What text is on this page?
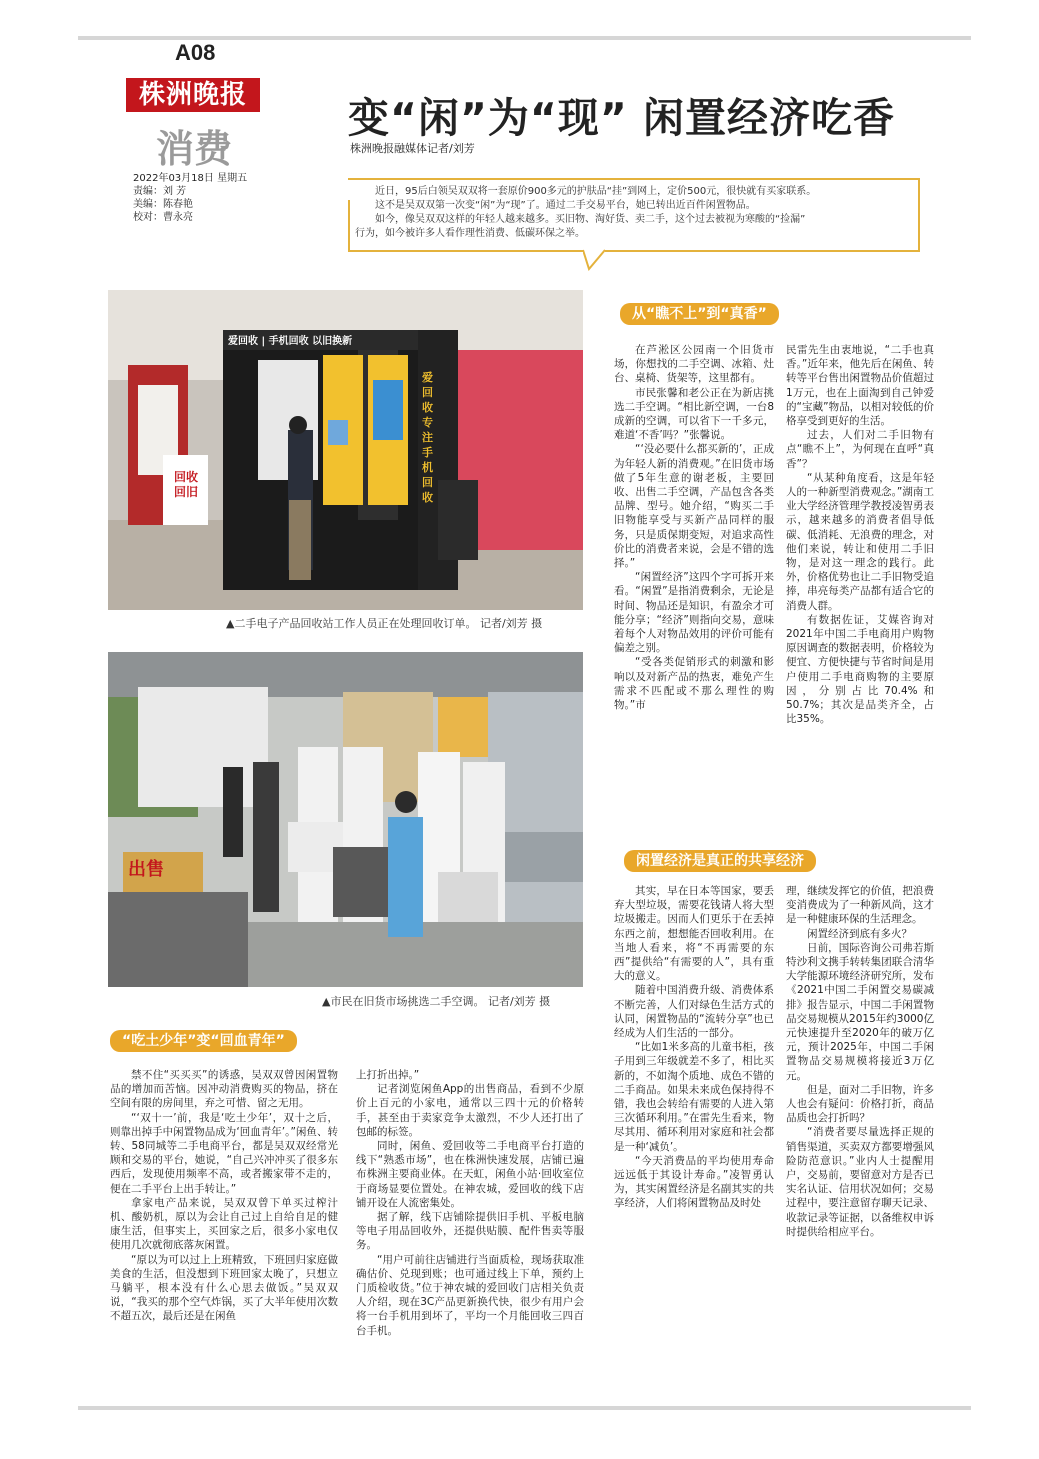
A08
株洲晚报
消费
2022年03月18日 星期五
责编：刘 芳
美编：陈春艳
校对：曹永亮
变“闲”为“现” 闲置经济吃香
株洲晚报融媒体记者/刘芳

近日，95后白领吴双双将一套原价900多元的护肤品“挂”到网上，定价500元，很快就有买家联系。

这不是吴双双第一次变“闲”为“现”了。通过二手交易平台，她已转出近百件闲置物品。

如今，像吴双双这样的年轻人越来越多。买旧物、淘好货、卖二手，这个过去被视为寒酸的“捡漏”

行为，如今被许多人看作理性消费、低碳环保之举。

爱回收 | 手机回收 以旧换新
爱回收 专注手机回收
回收 回旧
▲二手电子产品回收站工作人员正在处理回收订单。 记者/刘芳 摄
出售
▲市民在旧货市场挑选二手空调。 记者/刘芳 摄
从“瞧不上”到“真香”

在芦淞区公园南一个旧货市场，你想找的二手空调、冰箱、灶台、桌椅、货架等，这里都有。

市民张馨和老公正在为新店挑选二手空调。“相比新空调，一台8成新的空调，可以省下一千多元，难道‘不香’吗？”张馨说。

“‘没必要什么都买新的’，正成为年轻人新的消费观。”在旧货市场做了5年生意的谢老板，主要回收、出售二手空调，产品包含各类品牌、型号。她介绍，“购买二手旧物能享受与买新产品同样的服务，只是质保期变短，对追求高性价比的消费者来说，会是不错的选择。”

“闲置经济”这四个字可拆开来看。“闲置”是指消费剩余，无论是时间、物品还是知识，有盈余才可能分享；“经济”则指向交易，意味着每个人对物品效用的评价可能有偏差之别。

“受各类促销形式的刺激和影响以及对新产品的热衷，难免产生需求不匹配或不那么理性的购物。”市

民雷先生由衷地说，“二手也真香。”近年来，他先后在闲鱼、转转等平台售出闲置物品价值超过1万元，也在上面淘到自己钟爱的“宝藏”物品，以相对较低的价格享受到更好的生活。

过去，人们对二手旧物有点“瞧不上”，为何现在直呼“真香”？

“从某种角度看，这是年轻人的一种新型消费观念。”湖南工业大学经济管理学教授凌智勇表示，越来越多的消费者倡导低碳、低消耗、无浪费的理念，对他们来说，转让和使用二手旧物，是对这一理念的践行。此外，价格优势也让二手旧物受追捧，串亮每类产品都有适合它的消费人群。

有数据佐证，艾媒咨询对2021年中国二手电商用户购物原因调查的数据表明，价格较为便宜、方便快捷与节省时间是用户使用二手电商购物的主要原因，分别占比70.4%和50.7%；其次是品类齐全，占比35%。

闲置经济是真正的共享经济

其实，早在日本等国家，要丢弃大型垃圾，需要花钱请人将大型垃圾搬走。因而人们更乐于在丢掉东西之前，想想能否回收利用。在当地人看来，将“不再需要的东西”提供给“有需要的人”，具有重大的意义。

随着中国消费升级、消费体系不断完善，人们对绿色生活方式的认同，闲置物品的“流转分享”也已经成为人们生活的一部分。

“比如1米多高的儿童书柜，孩子用到三年级就差不多了，相比买新的，不如淘个质地、成色不错的二手商品。如果未来成色保持得不错，我也会转给有需要的人进入第三次循环利用。”在雷先生看来，物尽其用、循环利用对家庭和社会都是一种‘减负’。

“今天消费品的平均使用寿命远远低于其设计寿命。”凌智勇认为，其实闲置经济是名副其实的共享经济，人们将闲置物品及时处

理，继续发挥它的价值，把浪费变消费成为了一种新风尚，这才是一种健康环保的生活理念。

闲置经济到底有多火？

日前，国际咨询公司弗若斯特沙利文携手转转集团联合清华大学能源环境经济研究所，发布《2021中国二手闲置交易碳减排》报告显示，中国二手闲置物品交易规模从2015年约3000亿元快速提升至2020年的破万亿元，预计2025年，中国二手闲置物品交易规模将接近3万亿元。

但是，面对二手旧物，许多人也会有疑问：价格打折，商品品质也会打折吗？

“消费者要尽量选择正规的销售渠道，买卖双方都要增强风险防范意识。”业内人士提醒用户，交易前，要留意对方是否已实名认证、信用状况如何；交易过程中，要注意留存聊天记录、收款记录等证据，以备维权申诉时提供给相应平台。

“吃土少年”变“回血青年”

禁不住“买买买”的诱惑，吴双双曾因闲置物品的增加而苦恼。因冲动消费购买的物品，挤在空间有限的房间里，弃之可惜、留之无用。

“‘双十一’前，我是‘吃土少年’，双十之后，则靠出掉手中闲置物品成为‘回血青年’。”闲鱼、转转、58同城等二手电商平台，都是吴双双经常光顾和交易的平台，她说，“自己兴冲冲买了很多东西后，发现使用频率不高，或者搬家带不走的，便在二手平台上出手转让。”

拿家电产品来说，吴双双曾下单买过榨汁机、酸奶机，原以为会让自己过上自给自足的健康生活，但事实上，买回家之后，很多小家电仅使用几次就彻底落灰闲置。

“原以为可以过上上班精致，下班回归家庭做美食的生活，但没想到下班回家太晚了，只想立马躺平，根本没有什么心思去做饭。”吴双双说，“我买的那个空气炸锅，买了大半年使用次数不超五次，最后还是在闲鱼

上打折出掉。”

记者浏览闲鱼App的出售商品，看到不少原价上百元的小家电，通常以三四十元的价格转手，甚至由于卖家竞争太激烈，不少人还打出了包邮的标签。

同时，闲鱼、爱回收等二手电商平台打造的线下“熟悉市场”，也在株洲快速发展，店铺已遍布株洲主要商业体。在天虹，闲鱼小站·回收室位于商场显要位置处。在神农城，爱回收的线下店铺开设在人流密集处。

据了解，线下店铺除提供旧手机、平板电脑等电子用品回收外，还提供贴膜、配件售卖等服务。

“用户可前往店铺进行当面质检，现场获取准确估价、兑现到账；也可通过线上下单，预约上门质检收货。”位于神农城的爱回收门店相关负责人介绍，现在3C产品更新换代快，很少有用户会将一台手机用到坏了，平均一个月能回收三四百台手机。
